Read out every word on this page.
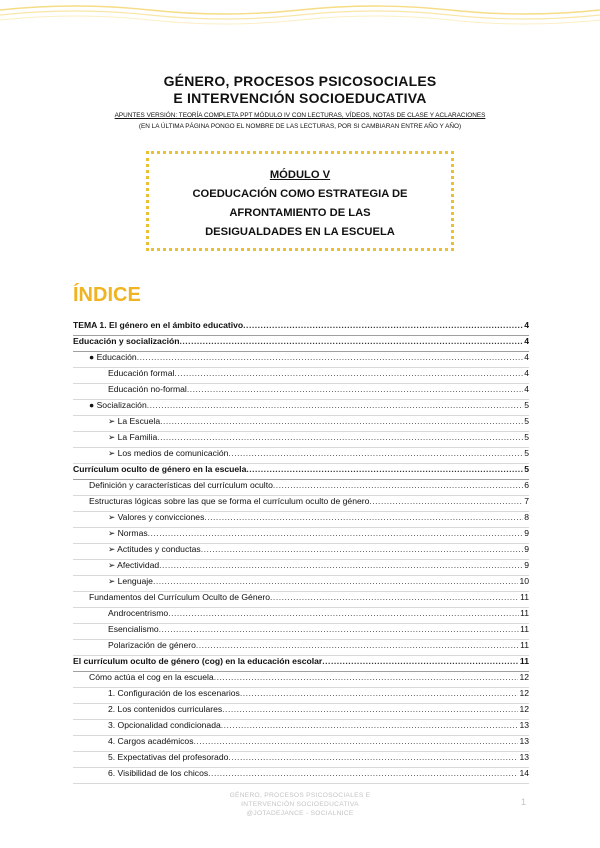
GÉNERO, PROCESOS PSICOSOCIALES
E INTERVENCIÓN SOCIOEDUCATIVA
APUNTES VERSIÓN: TEORÍA COMPLETA PPT MÓDULO IV CON LECTURAS, VÍDEOS, NOTAS DE CLASE Y ACLARACIONES
(EN LA ÚLTIMA PÁGINA PONGO EL NOMBRE DE LAS LECTURAS, POR SI CAMBIARAN ENTRE AÑO Y AÑO)
MÓDULO V
COEDUCACIÓN COMO ESTRATEGIA DE
AFRONTAMIENTO DE LAS
DESIGUALDADES EN LA ESCUELA
ÍNDICE
TEMA 1. El género en el ámbito educativo .....	4
Educación y socialización .....	4
● Educación .....	4
Educación formal .....	4
Educación no-formal .....	4
● Socialización .....	5
➢ La Escuela .....	5
➢ La Familia .....	5
➢ Los medios de comunicación .....	5
Currículum oculto de género en la escuela .....	5
Definición y características del currículum oculto .....	6
Estructuras lógicas sobre las que se forma el currículum oculto de género .....	7
➢ Valores y convicciones .....	8
➢ Normas .....	9
➢ Actitudes y conductas .....	9
➢ Afectividad .....	9
➢ Lenguaje .....	10
Fundamentos del Currículum Oculto de Género .....	11
Androcentrismo .....	11
Esencialismo .....	11
Polarización de género .....	11
El currículum oculto de género (cog) en la educación escolar .....	11
Cómo actúa el cog en la escuela .....	12
1. Configuración de los escenarios .....	12
2. Los contenidos curriculares .....	12
3. Opcionalidad condicionada .....	13
4. Cargos académicos .....	13
5. Expectativas del profesorado .....	13
6. Visibilidad de los chicos .....	14
GÉNERO, PROCESOS PSICOSOCIALES E
INTERVENCIÓN SOCIOEDUCATIVA
@JOTADEJANCE - SOCIALNICE
1
